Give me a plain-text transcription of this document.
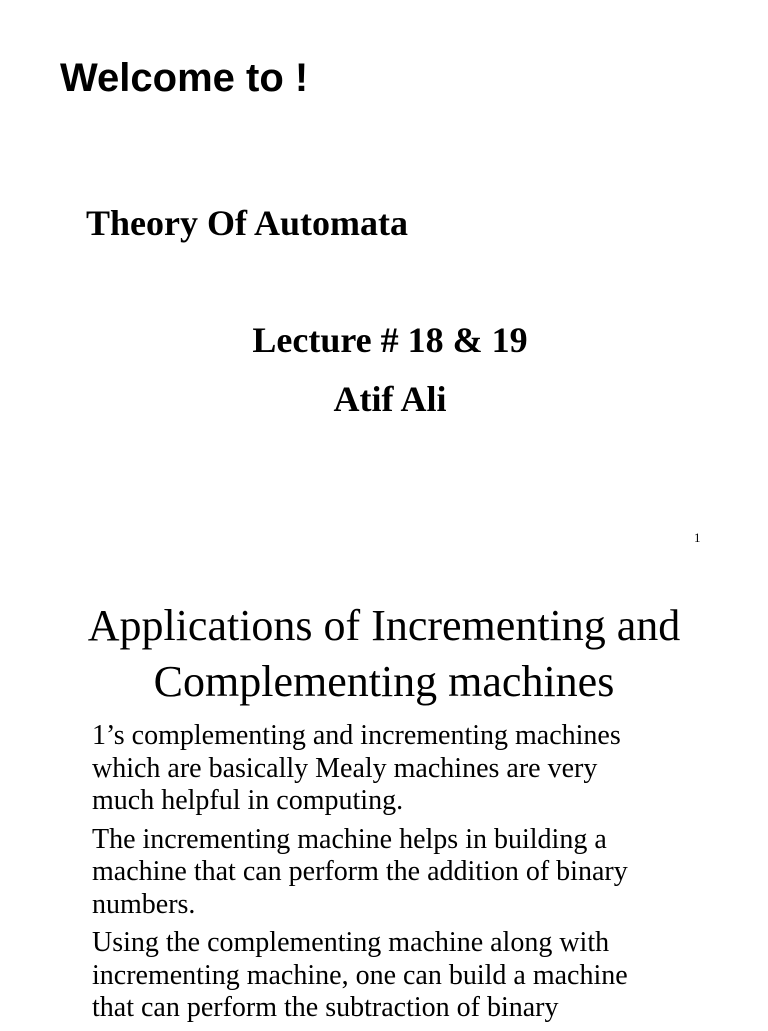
Welcome to !
Theory Of Automata
Lecture # 18 & 19
Atif Ali
1
Applications of Incrementing and
Complementing machines

1’s complementing and incrementing machines
which are basically Mealy machines are very
much helpful in computing.

The incrementing machine helps in building a
machine that can perform the addition of binary
numbers.

Using the complementing machine along with
incrementing machine, one can build a machine
that can perform the subtraction of binary
